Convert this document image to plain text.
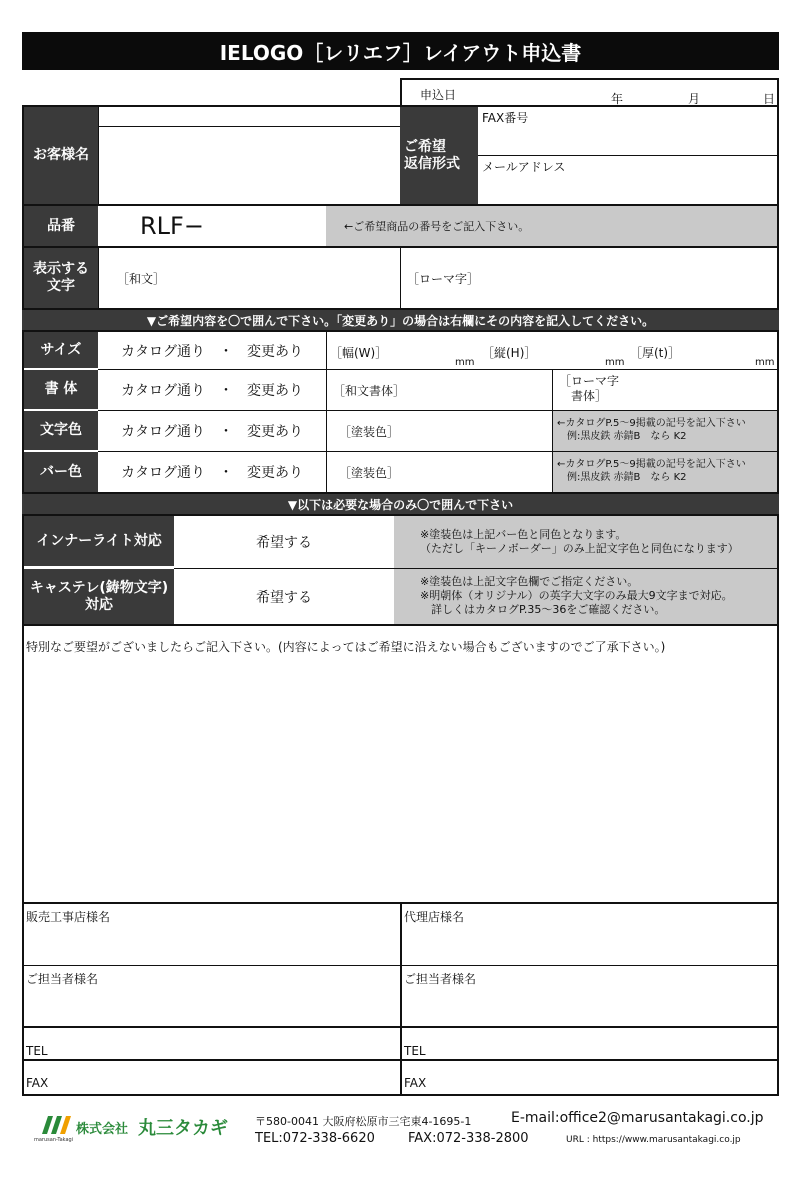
IELOGO［レリエフ］レイアウト申込書
申込日	年	月	日
お客様名
ご希望
返信形式
FAX番号
メールアドレス
品番	RLF−	←ご希望商品の番号をご記入下さい。
表示する
文字	［和文］	［ローマ字］
▼ご希望内容を〇で囲んで下さい。「変更あり」の場合は右欄にその内容を記入してください。
サイズ	カタログ通り　・　変更あり ［幅(W)］
mm
［縦(H)］
mm
［厚(t)］
mm
書 体	カタログ通り　・　変更あり	［和文書体］
［ローマ字
　書体］
文字色	カタログ通り　・　変更あり	［塗装色］
←カタログP.5～9掲載の記号を記入下さい
　例:黒皮鉄 赤錆B　なら K2
バー色	カタログ通り　・　変更あり	［塗装色］
←カタログP.5～9掲載の記号を記入下さい
　例:黒皮鉄 赤錆B　なら K2
▼以下は必要な場合のみ〇で囲んで下さい
インナーライト対応	希望する
※塗装色は上記バー色と同色となります。
（ただし「キーノボーダー」のみ上記文字色と同色になります）
キャステレ(鋳物文字)
対応	希望する
※塗装色は上記文字色欄でご指定ください。
※明朝体（オリジナル）の英字大文字のみ最大9文字まで対応。
　詳しくはカタログP.35～36をご確認ください。
特別なご要望がございましたらご記入下さい。(内容によってはご希望に沿えない場合もございますのでご了承下さい。)
販売工事店様名	代理店様名
ご担当者様名	ご担当者様名
TEL	TEL
FAX	FAX
marusan-Takagi
株式会社 丸三タカギ 〒580-0041 大阪府松原市三宅東4-1695-1	E-mail:office2@marusantakagi.co.jp
TEL:072-338-6620	FAX:072-338-2800	URL : https://www.marusantakagi.co.jp
